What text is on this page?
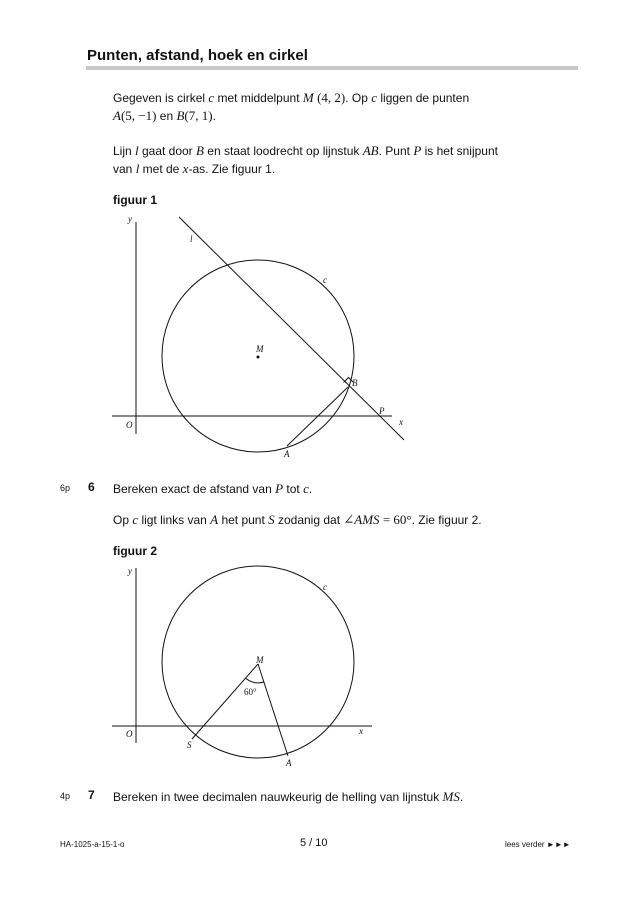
Punten, afstand, hoek en cirkel
Gegeven is cirkel c met middelpunt M (4, 2). Op c liggen de punten
A(5, −1) en B(7, 1).
Lijn l gaat door B en staat loodrecht op lijnstuk AB. Punt P is het snijpunt
van l met de x-as. Zie figuur 1.
figuur 1
y
x
O
l
c
M
B
P
A
6p 6 Bereken exact de afstand van P tot c.
Op c ligt links van A het punt S zodanig dat ∠AMS = 60°. Zie figuur 2.
figuur 2
y
x
O
c
M
60°
S
A
4p 7 Bereken in twee decimalen nauwkeurig de helling van lijnstuk MS.
HA-1025-a-15-1-o	5 / 10	lees verder ►►►
